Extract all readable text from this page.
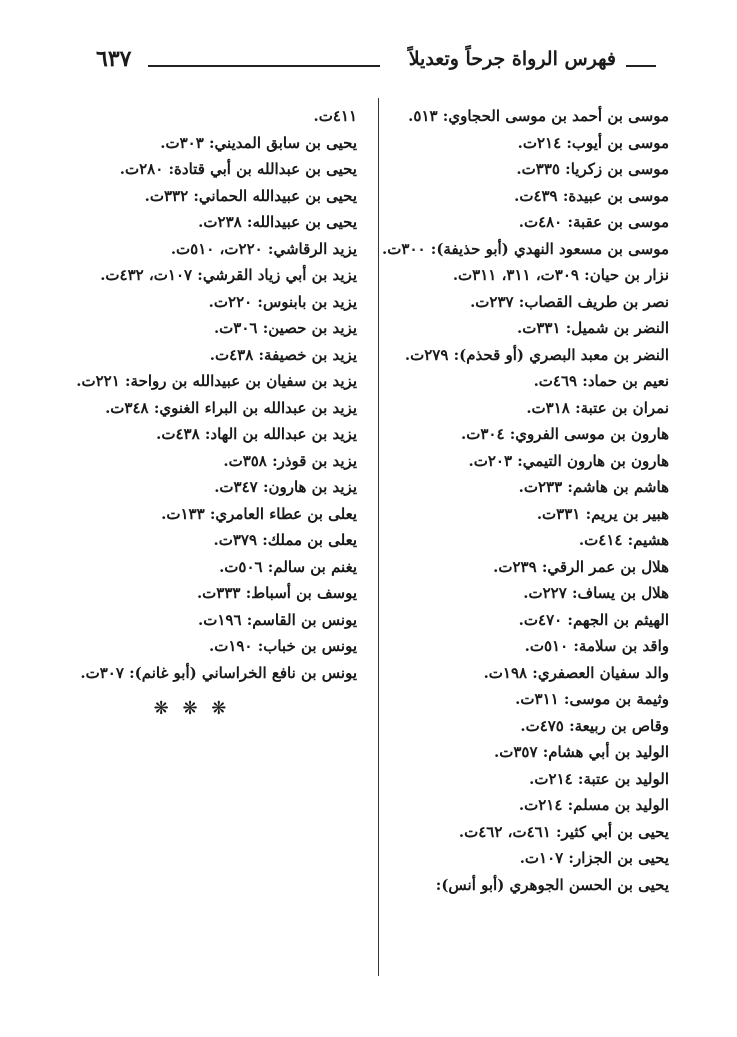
٦٣٧	فهرس الرواة جرحاً وتعديلاً
موسى بن أحمد بن موسى الحجاوي: ٥١٣.
موسى بن أيوب: ٢١٤ت.
موسى بن زكريا: ٣٣٥ت.
موسى بن عبيدة: ٤٣٩ت.
موسى بن عقبة: ٤٨٠ت.
موسى بن مسعود النهدي (أبو حذيفة): ٣٠٠ت.
نزار بن حيان: ٣٠٩ت، ٣١١، ٣١١ت.
نصر بن طريف القصاب: ٢٣٧ت.
النضر بن شميل: ٣٣١ت.
النضر بن معبد البصري (أو قحذم): ٢٧٩ت.
نعيم بن حماد: ٤٦٩ت.
نمران بن عتبة: ٣١٨ت.
هارون بن موسى الفروي: ٣٠٤ت.
هارون بن هارون التيمي: ٢٠٣ت.
هاشم بن هاشم: ٢٣٣ت.
هبير بن يريم: ٣٣١ت.
هشيم: ٤١٤ت.
هلال بن عمر الرقي: ٢٣٩ت.
هلال بن يساف: ٢٢٧ت.
الهيثم بن الجهم: ٤٧٠ت.
واقد بن سلامة: ٥١٠ت.
والد سفيان العصفري: ١٩٨ت.
وثيمة بن موسى: ٣١١ت.
وقاص بن ربيعة: ٤٧٥ت.
الوليد بن أبي هشام: ٣٥٧ت.
الوليد بن عتبة: ٢١٤ت.
الوليد بن مسلم: ٢١٤ت.
يحيى بن أبي كثير: ٤٦١ت، ٤٦٢ت.
يحيى بن الجزار: ١٠٧ت.
يحيى بن الحسن الجوهري (أبو أنس):
٤١١ت.
يحيى بن سابق المديني: ٣٠٣ت.
يحيى بن عبدالله بن أبي قتادة: ٢٨٠ت.
يحيى بن عبيدالله الحماني: ٣٣٢ت.
يحيى بن عبيدالله: ٢٣٨ت.
يزيد الرقاشي: ٢٢٠ت، ٥١٠ت.
يزيد بن أبي زياد القرشي: ١٠٧ت، ٤٣٢ت.
يزيد بن بابنوس: ٢٢٠ت.
يزيد بن حصين: ٣٠٦ت.
يزيد بن خصيفة: ٤٣٨ت.
يزيد بن سفيان بن عبيدالله بن رواحة: ٢٢١ت.
يزيد بن عبدالله بن البراء الغنوي: ٣٤٨ت.
يزيد بن عبدالله بن الهاد: ٤٣٨ت.
يزيد بن قوذر: ٣٥٨ت.
يزيد بن هارون: ٣٤٧ت.
يعلى بن عطاء العامري: ١٣٣ت.
يعلى بن مملك: ٣٧٩ت.
يغنم بن سالم: ٥٠٦ت.
يوسف بن أسباط: ٣٣٣ت.
يونس بن القاسم: ١٩٦ت.
يونس بن خباب: ١٩٠ت.
يونس بن نافع الخراساني (أبو غانم): ٣٠٧ت.
❋ ❋ ❋
